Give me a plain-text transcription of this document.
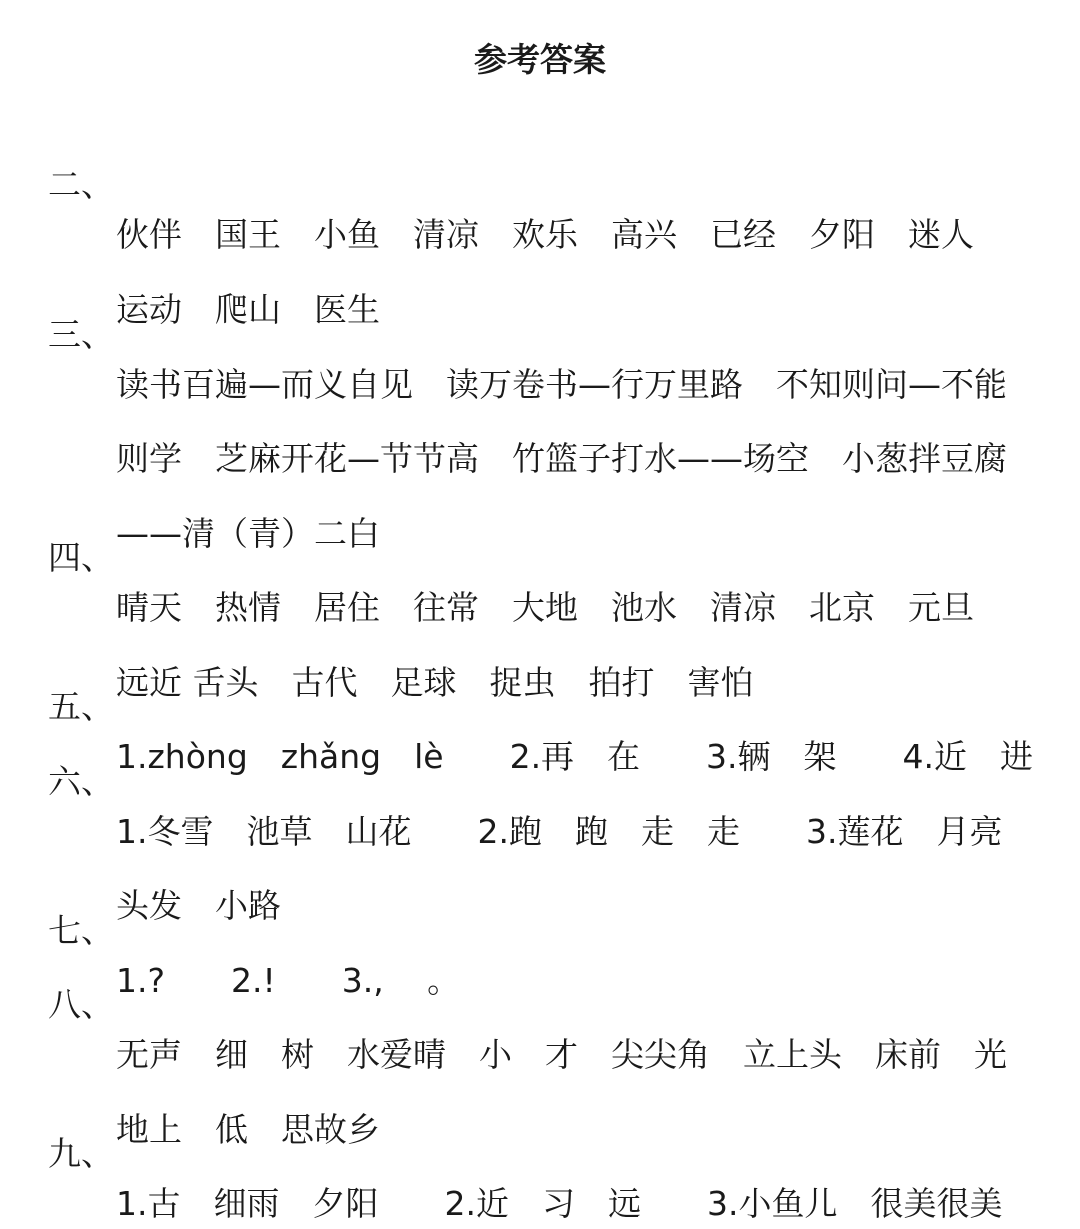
参考答案

二、

伙伴　国王　小鱼　清凉　欢乐　高兴　已经　夕阳　迷人

运动　爬山　医生

三、

读书百遍—而义自见　读万卷书—行万里路　不知则问—不能

则学　芝麻开花—节节高　竹篮子打水——场空　小葱拌豆腐

——清（青）二白

四、

晴天　热情　居住　往常　大地　池水　清凉　北京　元旦

远近 舌头　古代　足球　捉虫　拍打　害怕

五、

1.zhòng　zhǎng　lè　　2.再　在　　3.辆　架　　4.近　进

六、

1.冬雪　池草　山花　　2.跑　跑　走　走　　3.莲花　月亮

头发　小路

七、

1.?　　2.!　　3.,　 。

八、

无声　细　树　水爱晴　小　才　尖尖角　立上头　床前　光

地上　低　思故乡

九、

1.古　细雨　夕阳　　2.近　习　远　　3.小鱼儿　很美很美
